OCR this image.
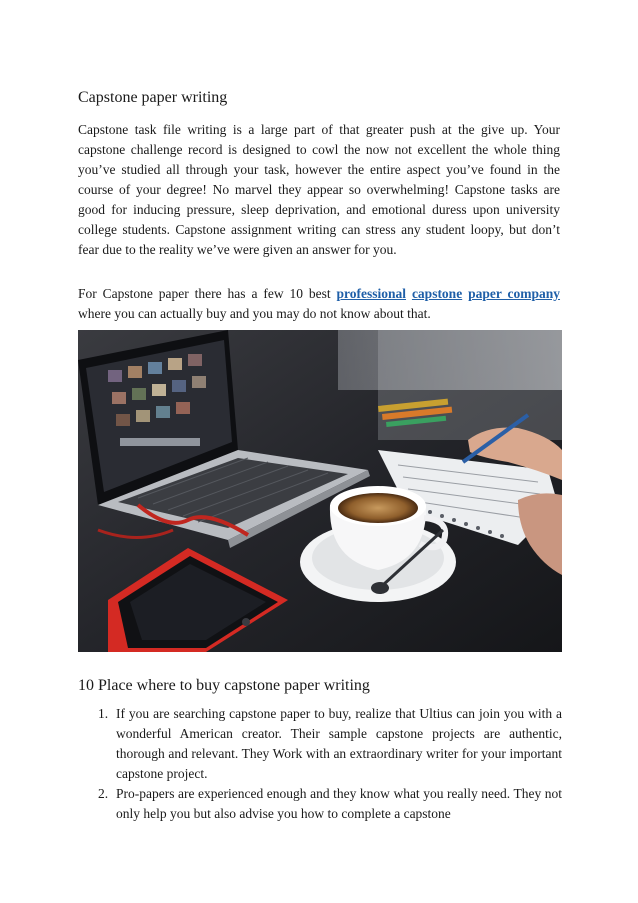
Capstone paper writing

Capstone task file writing is a large part of that greater push at the give up. Your capstone challenge record is designed to cowl the now not excellent the whole thing you’ve studied all through your task, however the entire aspect you’ve found in the course of your degree! No marvel they appear so overwhelming! Capstone tasks are good for inducing pressure, sleep deprivation, and emotional duress upon university college students. Capstone assignment writing can stress any student loopy, but don’t fear due to the reality we’ve were given an answer for you.

For Capstone paper there has a few 10 best professional capstone paper company where you can actually buy and you may do not know about that.

10 Place where to buy capstone paper writing
1. If you are searching capstone paper to buy, realize that Ultius can join you with a wonderful American creator. Their sample capstone projects are authentic, thorough and relevant. They Work with an extraordinary writer for your important capstone project.
2. Pro-papers are experienced enough and they know what you really need. They not only help you but also advise you how to complete a capstone
